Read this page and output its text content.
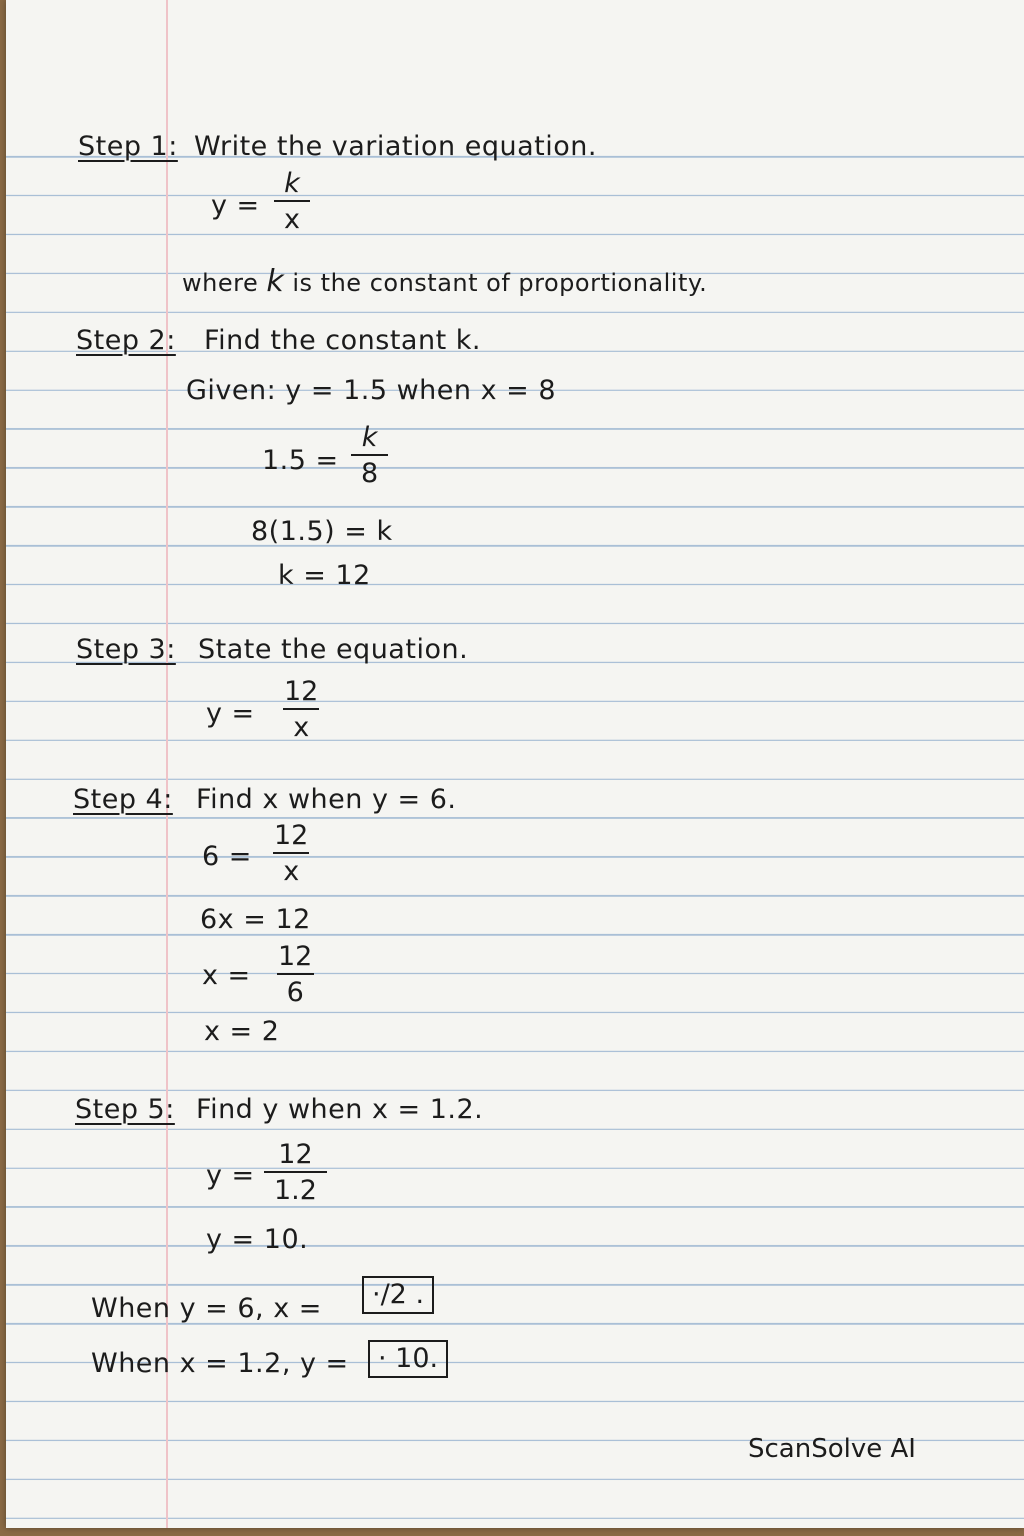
Step 1: Write the variation equation.
$y = \frac{k}{x}$
where k is the constant of proportionality.
Step 2: Find the constant k.
Given: y = 1.5 when x = 8
$1.5 = \frac{k}{8}$
8(1.5) = k
k = 12
Step 3: State the equation.
$y = \frac{12}{x}$
Step 4: Find x when y = 6.
$6 = \frac{12}{x}$
6x = 12
$x = \frac{12}{6}$
x = 2
Step 5: Find y when x = 1.2.
$y = \frac{12}{1.2}$
y = 10.
When y = 6, x =	·/2 .
When x = 1.2, y =	· 10.
ScanSolve AI
